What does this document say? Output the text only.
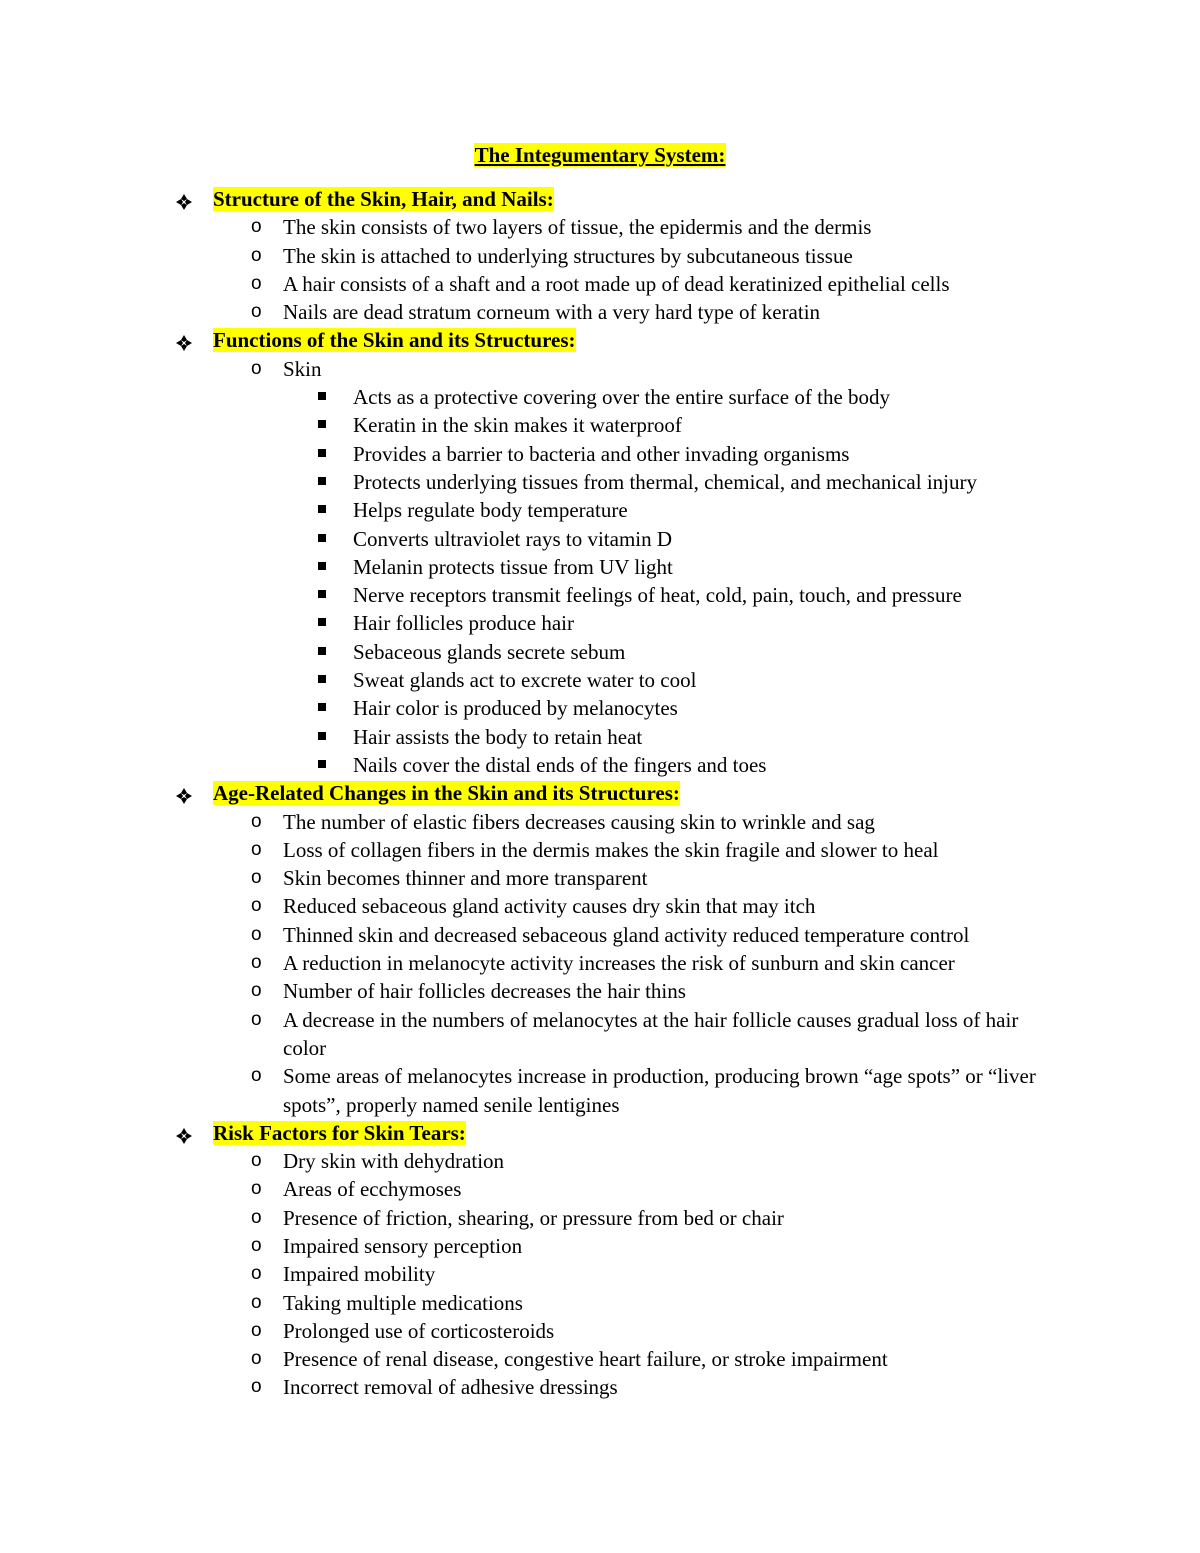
The Integumentary System:
Structure of the Skin, Hair, and Nails:
o The skin consists of two layers of tissue, the epidermis and the dermis
o The skin is attached to underlying structures by subcutaneous tissue
o A hair consists of a shaft and a root made up of dead keratinized epithelial cells
o Nails are dead stratum corneum with a very hard type of keratin
Functions of the Skin and its Structures:
o Skin
Acts as a protective covering over the entire surface of the body
Keratin in the skin makes it waterproof
Provides a barrier to bacteria and other invading organisms
Protects underlying tissues from thermal, chemical, and mechanical injury
Helps regulate body temperature
Converts ultraviolet rays to vitamin D
Melanin protects tissue from UV light
Nerve receptors transmit feelings of heat, cold, pain, touch, and pressure
Hair follicles produce hair
Sebaceous glands secrete sebum
Sweat glands act to excrete water to cool
Hair color is produced by melanocytes
Hair assists the body to retain heat
Nails cover the distal ends of the fingers and toes
Age-Related Changes in the Skin and its Structures:
o The number of elastic fibers decreases causing skin to wrinkle and sag
o Loss of collagen fibers in the dermis makes the skin fragile and slower to heal
o Skin becomes thinner and more transparent
o Reduced sebaceous gland activity causes dry skin that may itch
o Thinned skin and decreased sebaceous gland activity reduced temperature control
o A reduction in melanocyte activity increases the risk of sunburn and skin cancer
o Number of hair follicles decreases the hair thins
o A decrease in the numbers of melanocytes at the hair follicle causes gradual loss of hair color
o Some areas of melanocytes increase in production, producing brown “age spots” or “liver spots”, properly named senile lentigines
Risk Factors for Skin Tears:
o Dry skin with dehydration
o Areas of ecchymoses
o Presence of friction, shearing, or pressure from bed or chair
o Impaired sensory perception
o Impaired mobility
o Taking multiple medications
o Prolonged use of corticosteroids
o Presence of renal disease, congestive heart failure, or stroke impairment
o Incorrect removal of adhesive dressings
